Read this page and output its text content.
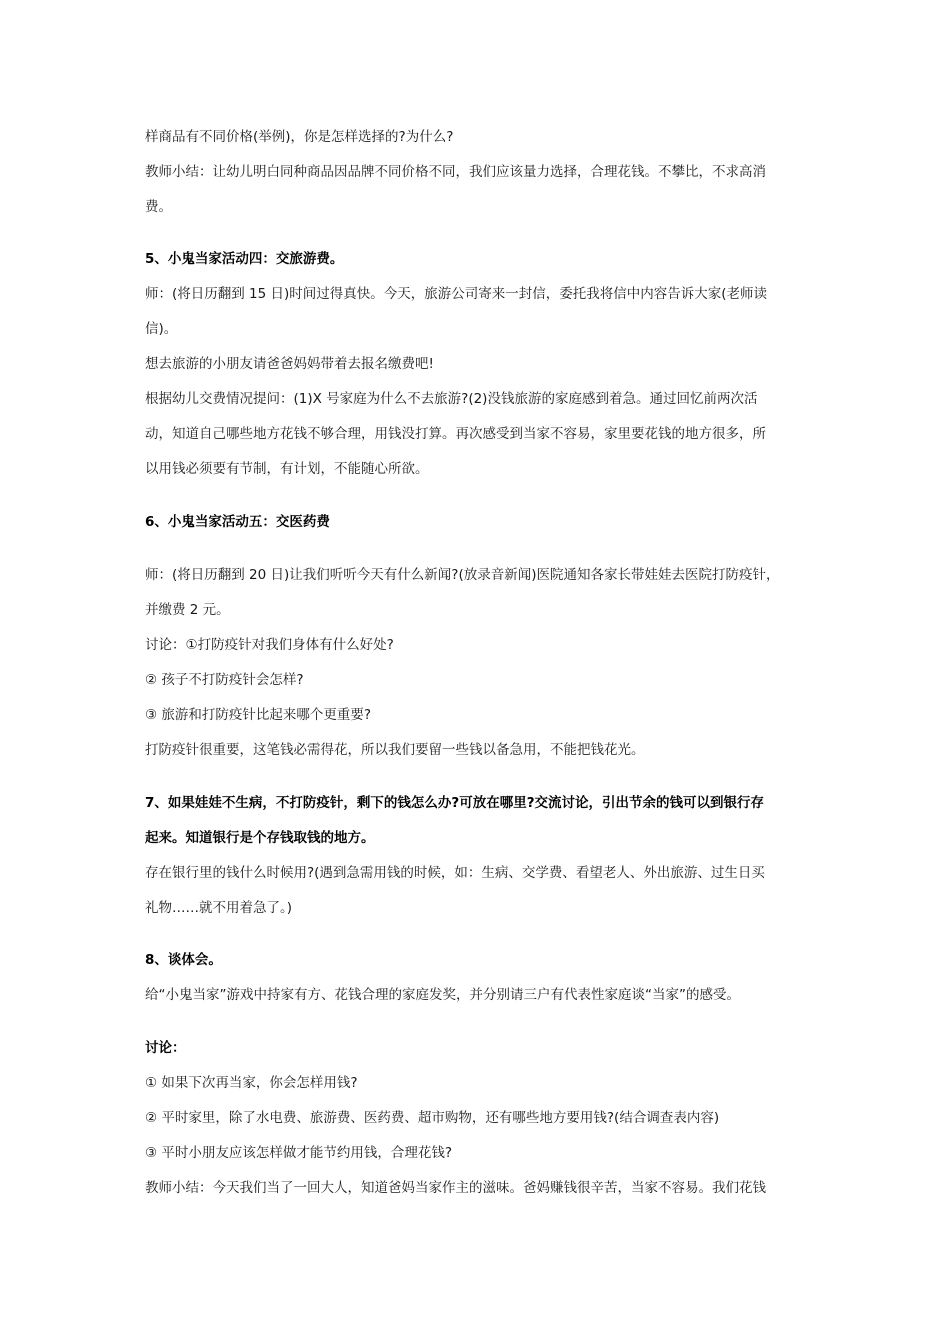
样商品有不同价格(举例)，你是怎样选择的?为什么?
教师小结：让幼儿明白同种商品因品牌不同价格不同，我们应该量力选择，合理花钱。不攀比，不求高消
费。
5、小鬼当家活动四：交旅游费。
师：(将日历翻到 15 日)时间过得真快。今天，旅游公司寄来一封信，委托我将信中内容告诉大家(老师读
信)。
想去旅游的小朋友请爸爸妈妈带着去报名缴费吧!
根据幼儿交费情况提问：(1)X 号家庭为什么不去旅游?(2)没钱旅游的家庭感到着急。通过回忆前两次活
动，知道自己哪些地方花钱不够合理，用钱没打算。再次感受到当家不容易，家里要花钱的地方很多，所
以用钱必须要有节制，有计划，不能随心所欲。
6、小鬼当家活动五：交医药费
师：(将日历翻到 20 日)让我们听听今天有什么新闻?(放录音新闻)医院通知各家长带娃娃去医院打防疫针，
并缴费 2 元。
讨论：①打防疫针对我们身体有什么好处?
② 孩子不打防疫针会怎样?
③ 旅游和打防疫针比起来哪个更重要?
打防疫针很重要，这笔钱必需得花，所以我们要留一些钱以备急用，不能把钱花光。
7、如果娃娃不生病，不打防疫针，剩下的钱怎么办?可放在哪里?交流讨论，引出节余的钱可以到银行存
起来。知道银行是个存钱取钱的地方。
存在银行里的钱什么时候用?(遇到急需用钱的时候，如：生病、交学费、看望老人、外出旅游、过生日买
礼物……就不用着急了。)
8、谈体会。
给“小鬼当家”游戏中持家有方、花钱合理的家庭发奖，并分别请三户有代表性家庭谈“当家”的感受。
讨论：
① 如果下次再当家，你会怎样用钱?
② 平时家里，除了水电费、旅游费、医药费、超市购物，还有哪些地方要用钱?(结合调查表内容)
③ 平时小朋友应该怎样做才能节约用钱，合理花钱?
教师小结：今天我们当了一回大人，知道爸妈当家作主的滋味。爸妈赚钱很辛苦，当家不容易。我们花钱
